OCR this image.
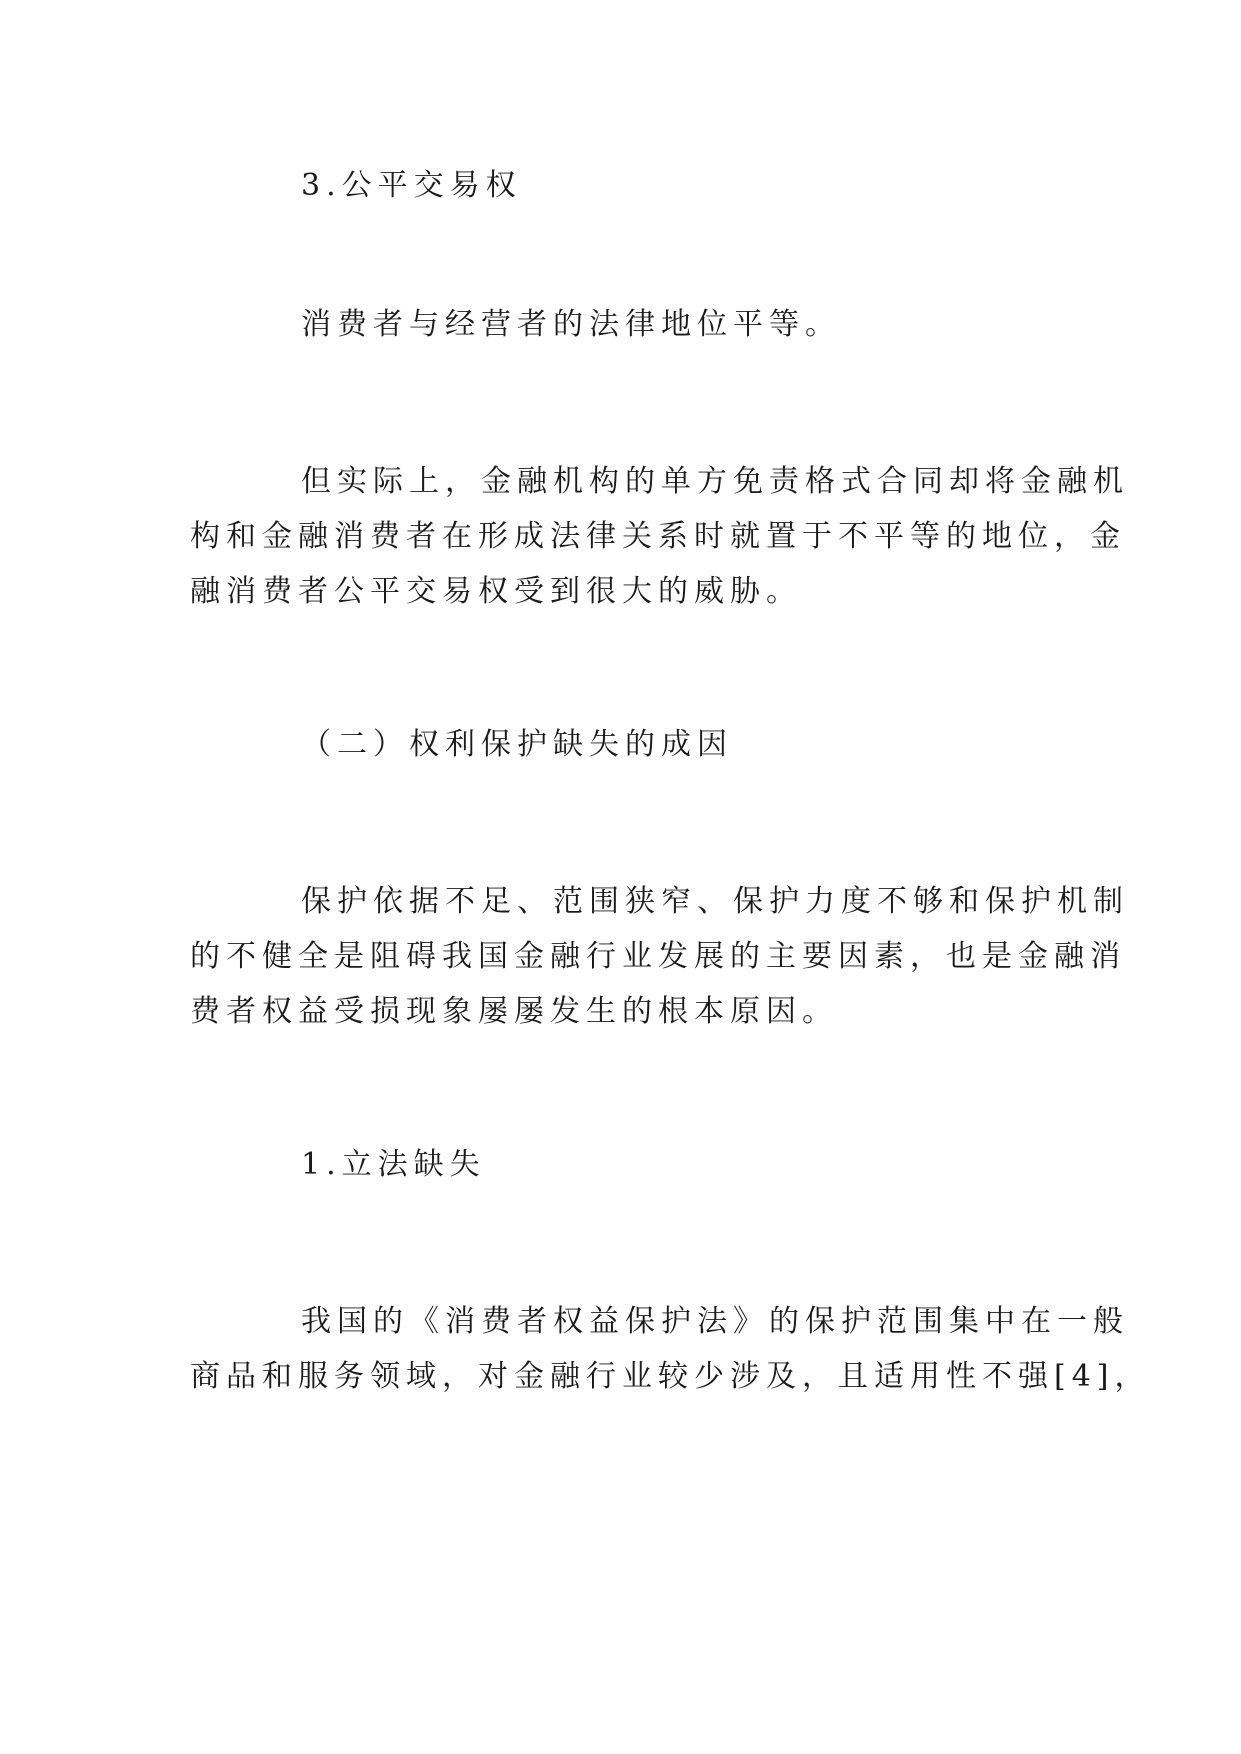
3.公平交易权
消费者与经营者的法律地位平等。
但实际上，金融机构的单方免责格式合同却将金融机
构和金融消费者在形成法律关系时就置于不平等的地位，金
融消费者公平交易权受到很大的威胁。
（二）权利保护缺失的成因
保护依据不足、范围狭窄、保护力度不够和保护机制
的不健全是阻碍我国金融行业发展的主要因素，也是金融消
费者权益受损现象屡屡发生的根本原因。
1.立法缺失
我国的《消费者权益保护法》的保护范围集中在一般
商品和服务领域，对金融行业较少涉及，且适用性不强[4]，
